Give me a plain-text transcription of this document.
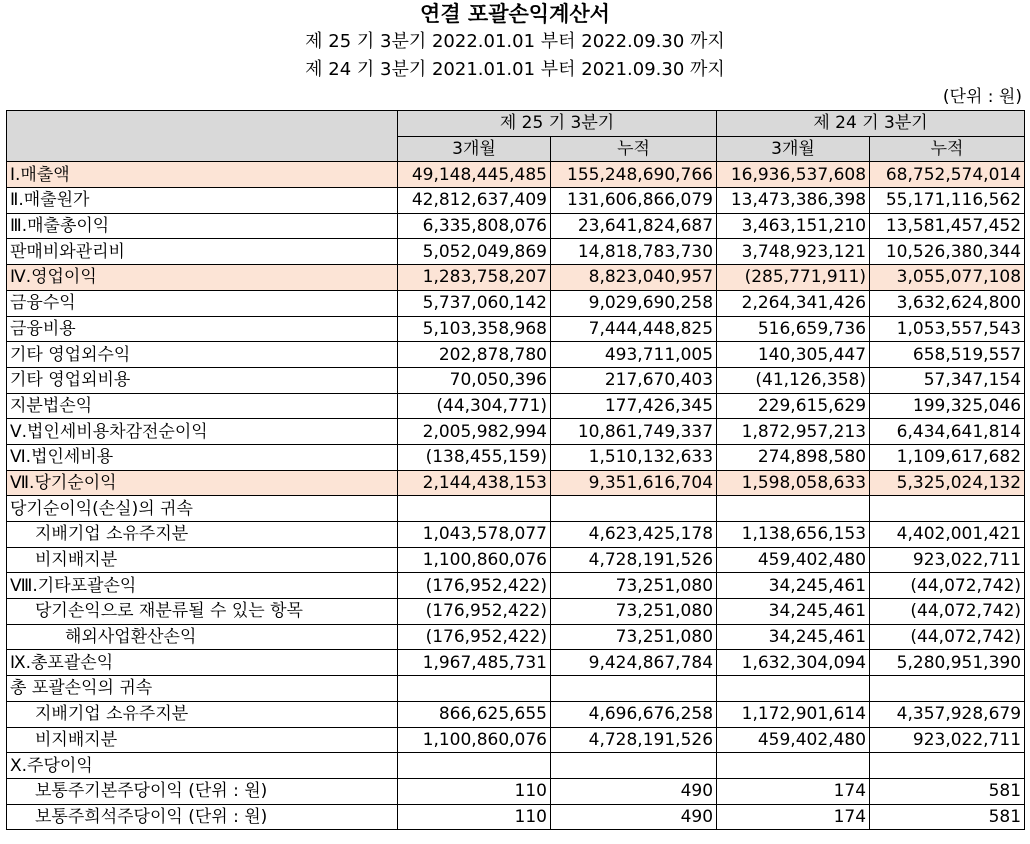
연결 포괄손익계산서
제 25 기 3분기 2022.01.01 부터 2022.09.30 까지
제 24 기 3분기 2021.01.01 부터 2021.09.30 까지
(단위 : 원)
	제 25 기 3분기		제 24 기 3분기	
	3개월	누적	3개월	누적
Ⅰ.매출액	49,148,445,485	155,248,690,766	16,936,537,608	68,752,574,014
Ⅱ.매출원가	42,812,637,409	131,606,866,079	13,473,386,398	55,171,116,562
Ⅲ.매출총이익	6,335,808,076	23,641,824,687	3,463,151,210	13,581,457,452
판매비와관리비	5,052,049,869	14,818,783,730	3,748,923,121	10,526,380,344
Ⅳ.영업이익	1,283,758,207	8,823,040,957	(285,771,911)	3,055,077,108
금융수익	5,737,060,142	9,029,690,258	2,264,341,426	3,632,624,800
금융비용	5,103,358,968	7,444,448,825	516,659,736	1,053,557,543
기타 영업외수익	202,878,780	493,711,005	140,305,447	658,519,557
기타 영업외비용	70,050,396	217,670,403	(41,126,358)	57,347,154
지분법손익	(44,304,771)	177,426,345	229,615,629	199,325,046
Ⅴ.법인세비용차감전순이익	2,005,982,994	10,861,749,337	1,872,957,213	6,434,641,814
Ⅵ.법인세비용	(138,455,159)	1,510,132,633	274,898,580	1,109,617,682
Ⅶ.당기순이익	2,144,438,153	9,351,616,704	1,598,058,633	5,325,024,132
당기순이익(손실)의 귀속				
지배기업 소유주지분	1,043,578,077	4,623,425,178	1,138,656,153	4,402,001,421
비지배지분	1,100,860,076	4,728,191,526	459,402,480	923,022,711
Ⅷ.기타포괄손익	(176,952,422)	73,251,080	34,245,461	(44,072,742)
당기손익으로 재분류될 수 있는 항목	(176,952,422)	73,251,080	34,245,461	(44,072,742)
해외사업환산손익	(176,952,422)	73,251,080	34,245,461	(44,072,742)
Ⅸ.총포괄손익	1,967,485,731	9,424,867,784	1,632,304,094	5,280,951,390
총 포괄손익의 귀속				
지배기업 소유주지분	866,625,655	4,696,676,258	1,172,901,614	4,357,928,679
비지배지분	1,100,860,076	4,728,191,526	459,402,480	923,022,711
Ⅹ.주당이익				
보통주기본주당이익 (단위 : 원)	110	490	174	581
보통주희석주당이익 (단위 : 원)	110	490	174	581
